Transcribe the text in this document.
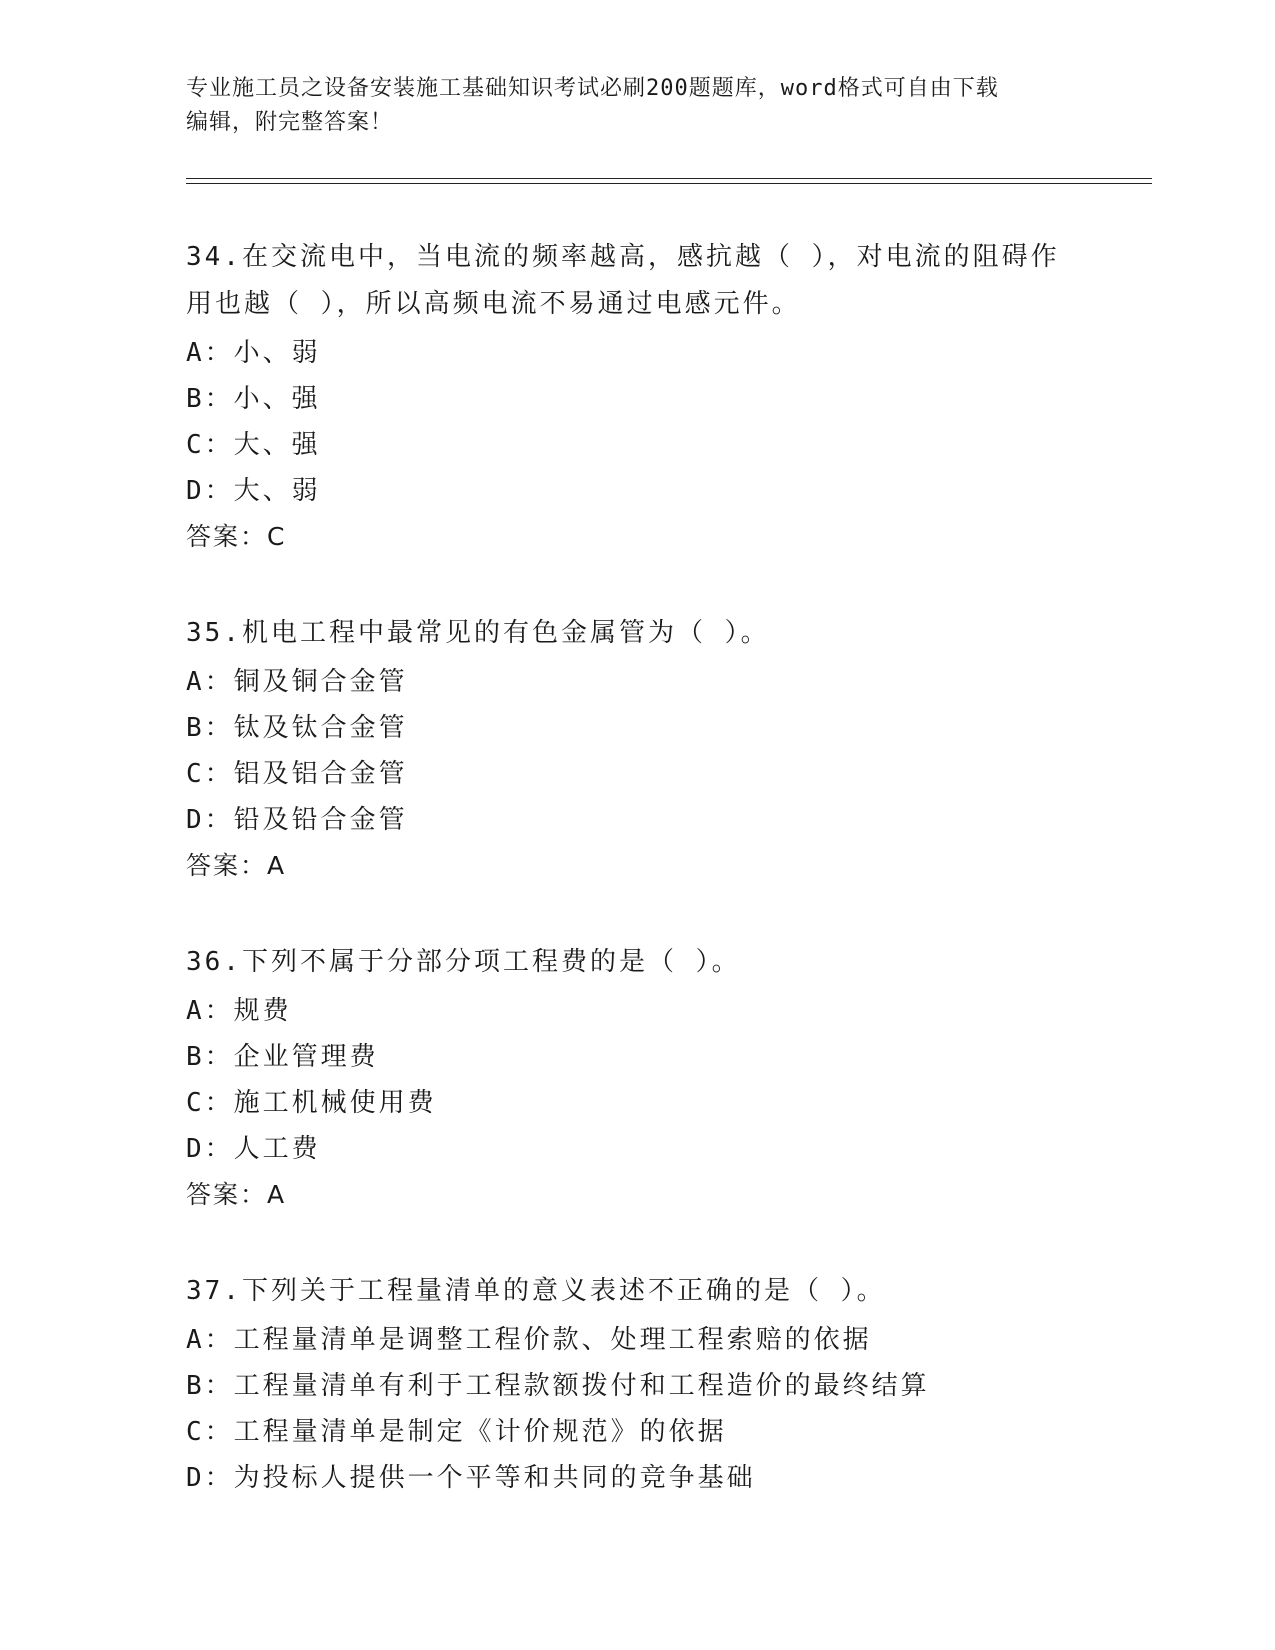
专业施工员之设备安装施工基础知识考试必刷200题题库，word格式可自由下载
编辑，附完整答案！
34.在交流电中，当电流的频率越高，感抗越（ ），对电流的阻碍作
用也越（ ），所以高频电流不易通过电感元件。
A：小、弱
B：小、强
C：大、强
D：大、弱
答案：C
35.机电工程中最常见的有色金属管为（ ）。
A：铜及铜合金管
B：钛及钛合金管
C：铝及铝合金管
D：铅及铅合金管
答案：A
36.下列不属于分部分项工程费的是（ ）。
A：规费
B：企业管理费
C：施工机械使用费
D：人工费
答案：A
37.下列关于工程量清单的意义表述不正确的是（ ）。
A：工程量清单是调整工程价款、处理工程索赔的依据
B：工程量清单有利于工程款额拨付和工程造价的最终结算
C：工程量清单是制定《计价规范》的依据
D：为投标人提供一个平等和共同的竞争基础
